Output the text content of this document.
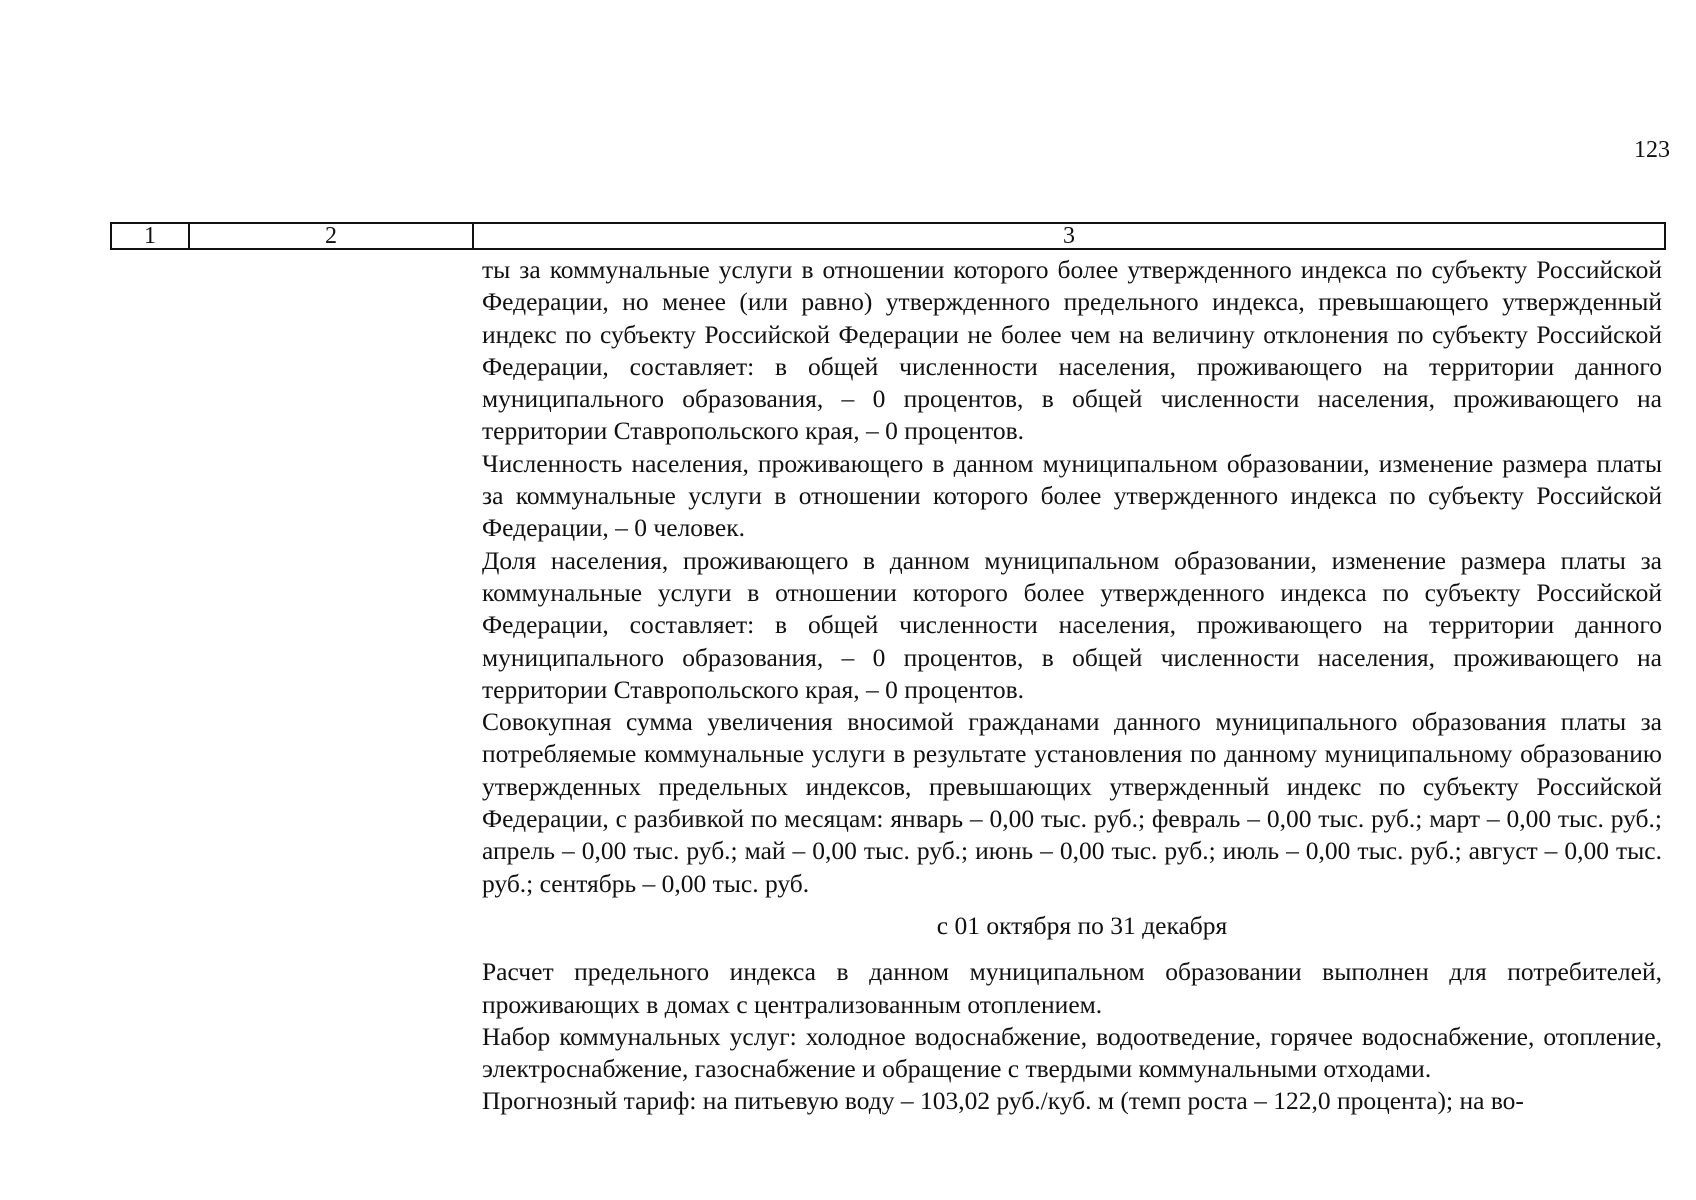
123
1	2	3

ты за коммунальные услуги в отношении которого более утвержденного индекса по субъекту Российской Федерации, но менее (или равно) утвержденного предельного индекса, превышающего утвержденный индекс по субъекту Российской Федерации не более чем на величину отклонения по субъекту Российской Федерации, составляет: в общей численности населения, проживающего на территории данного муниципального образования, – 0 процентов, в общей численности населения, проживающего на территории Ставропольского края, – 0 процентов.

Численность населения, проживающего в данном муниципальном образовании, изменение размера платы за коммунальные услуги в отношении которого более утвержденного индекса по субъекту Российской Федерации, – 0 человек.

Доля населения, проживающего в данном муниципальном образовании, изменение размера платы за коммунальные услуги в отношении которого более утвержденного индекса по субъекту Российской Федерации, составляет: в общей численности населения, проживающего на территории данного муниципального образования, – 0 процентов, в общей численности населения, проживающего на территории Ставропольского края, – 0 процентов.

Совокупная сумма увеличения вносимой гражданами данного муниципального образования платы за потребляемые коммунальные услуги в результате установления по данному муниципальному образованию утвержденных предельных индексов, превышающих утвержденный индекс по субъекту Российской Федерации, с разбивкой по месяцам: январь – 0,00 тыс. руб.; февраль – 0,00 тыс. руб.; март – 0,00 тыс. руб.; апрель – 0,00 тыс. руб.; май – 0,00 тыс. руб.; июнь – 0,00 тыс. руб.; июль – 0,00 тыс. руб.; август – 0,00 тыс. руб.; сентябрь – 0,00 тыс. руб.

с 01 октября по 31 декабря

Расчет предельного индекса в данном муниципальном образовании выполнен для потребителей, проживающих в домах с централизованным отоплением.

Набор коммунальных услуг: холодное водоснабжение, водоотведение, горячее водоснабжение, отопление, электроснабжение, газоснабжение и обращение с твердыми коммунальными отходами.

Прогнозный тариф: на питьевую воду – 103,02 руб./куб. м (темп роста – 122,0 процента); на во-
